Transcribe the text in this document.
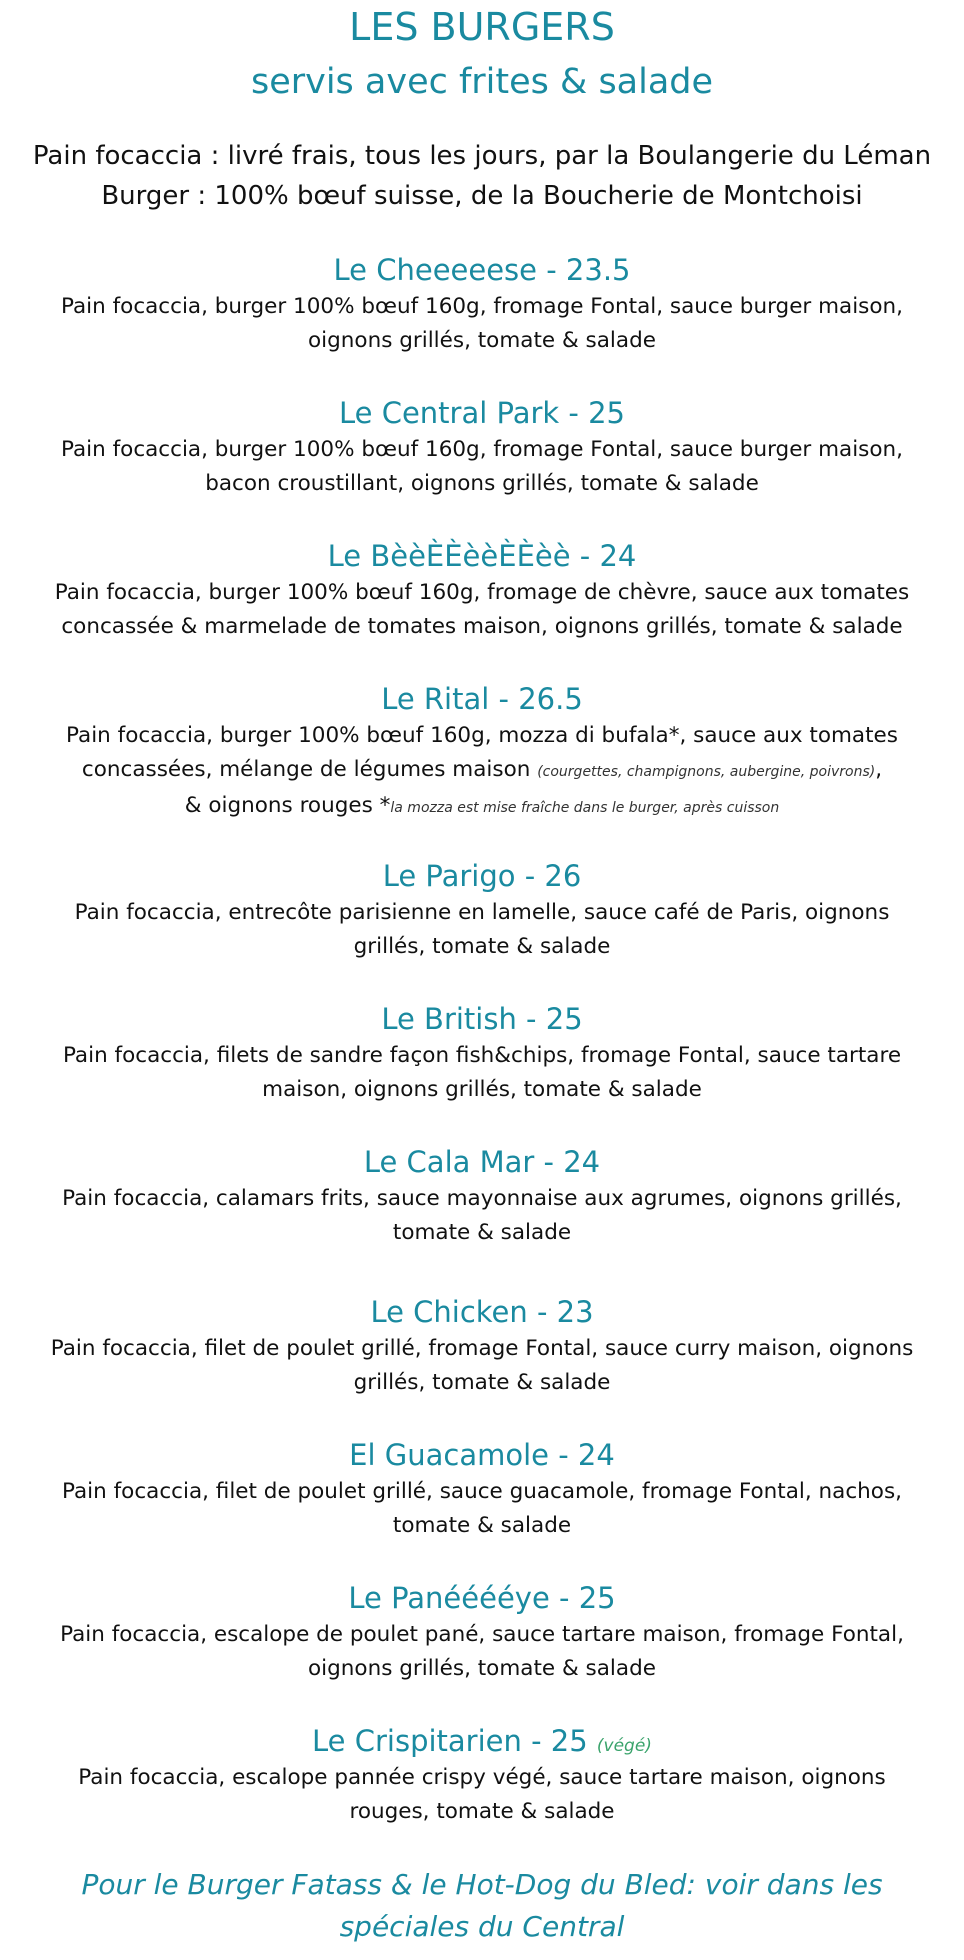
LES BURGERS
servis avec frites & salade
Pain focaccia : livré frais, tous les jours, par la Boulangerie du Léman
Burger : 100% bœuf suisse, de la Boucherie de Montchoisi
Le Cheeeeese - 23.5
Pain focaccia, burger 100% bœuf 160g, fromage Fontal, sauce burger maison,
oignons grillés, tomate & salade
Le Central Park - 25
Pain focaccia, burger 100% bœuf 160g, fromage Fontal, sauce burger maison,
bacon croustillant, oignons grillés, tomate & salade
Le BèèÈÈèèÈÈèè - 24
Pain focaccia, burger 100% bœuf 160g, fromage de chèvre, sauce aux tomates
concassée & marmelade de tomates maison, oignons grillés, tomate & salade
Le Rital - 26.5
Pain focaccia, burger 100% bœuf 160g, mozza di bufala*, sauce aux tomates
concassées, mélange de légumes maison (courgettes, champignons, aubergine, poivrons),
& oignons rouges *la mozza est mise fraîche dans le burger, après cuisson
Le Parigo - 26
Pain focaccia, entrecôte parisienne en lamelle, sauce café de Paris, oignons
grillés, tomate & salade
Le British - 25
Pain focaccia, filets de sandre façon fish&chips, fromage Fontal, sauce tartare
maison, oignons grillés, tomate & salade
Le Cala Mar - 24
Pain focaccia, calamars frits, sauce mayonnaise aux agrumes, oignons grillés,
tomate & salade
Le Chicken - 23
Pain focaccia, filet de poulet grillé, fromage Fontal, sauce curry maison, oignons
grillés, tomate & salade
El Guacamole - 24
Pain focaccia, filet de poulet grillé, sauce guacamole, fromage Fontal, nachos,
tomate & salade
Le Panééééye - 25
Pain focaccia, escalope de poulet pané, sauce tartare maison, fromage Fontal,
oignons grillés, tomate & salade
Le Crispitarien - 25 (végé)
Pain focaccia, escalope pannée crispy végé, sauce tartare maison, oignons
rouges, tomate & salade
Pour le Burger Fatass & le Hot-Dog du Bled: voir dans les
spéciales du Central
